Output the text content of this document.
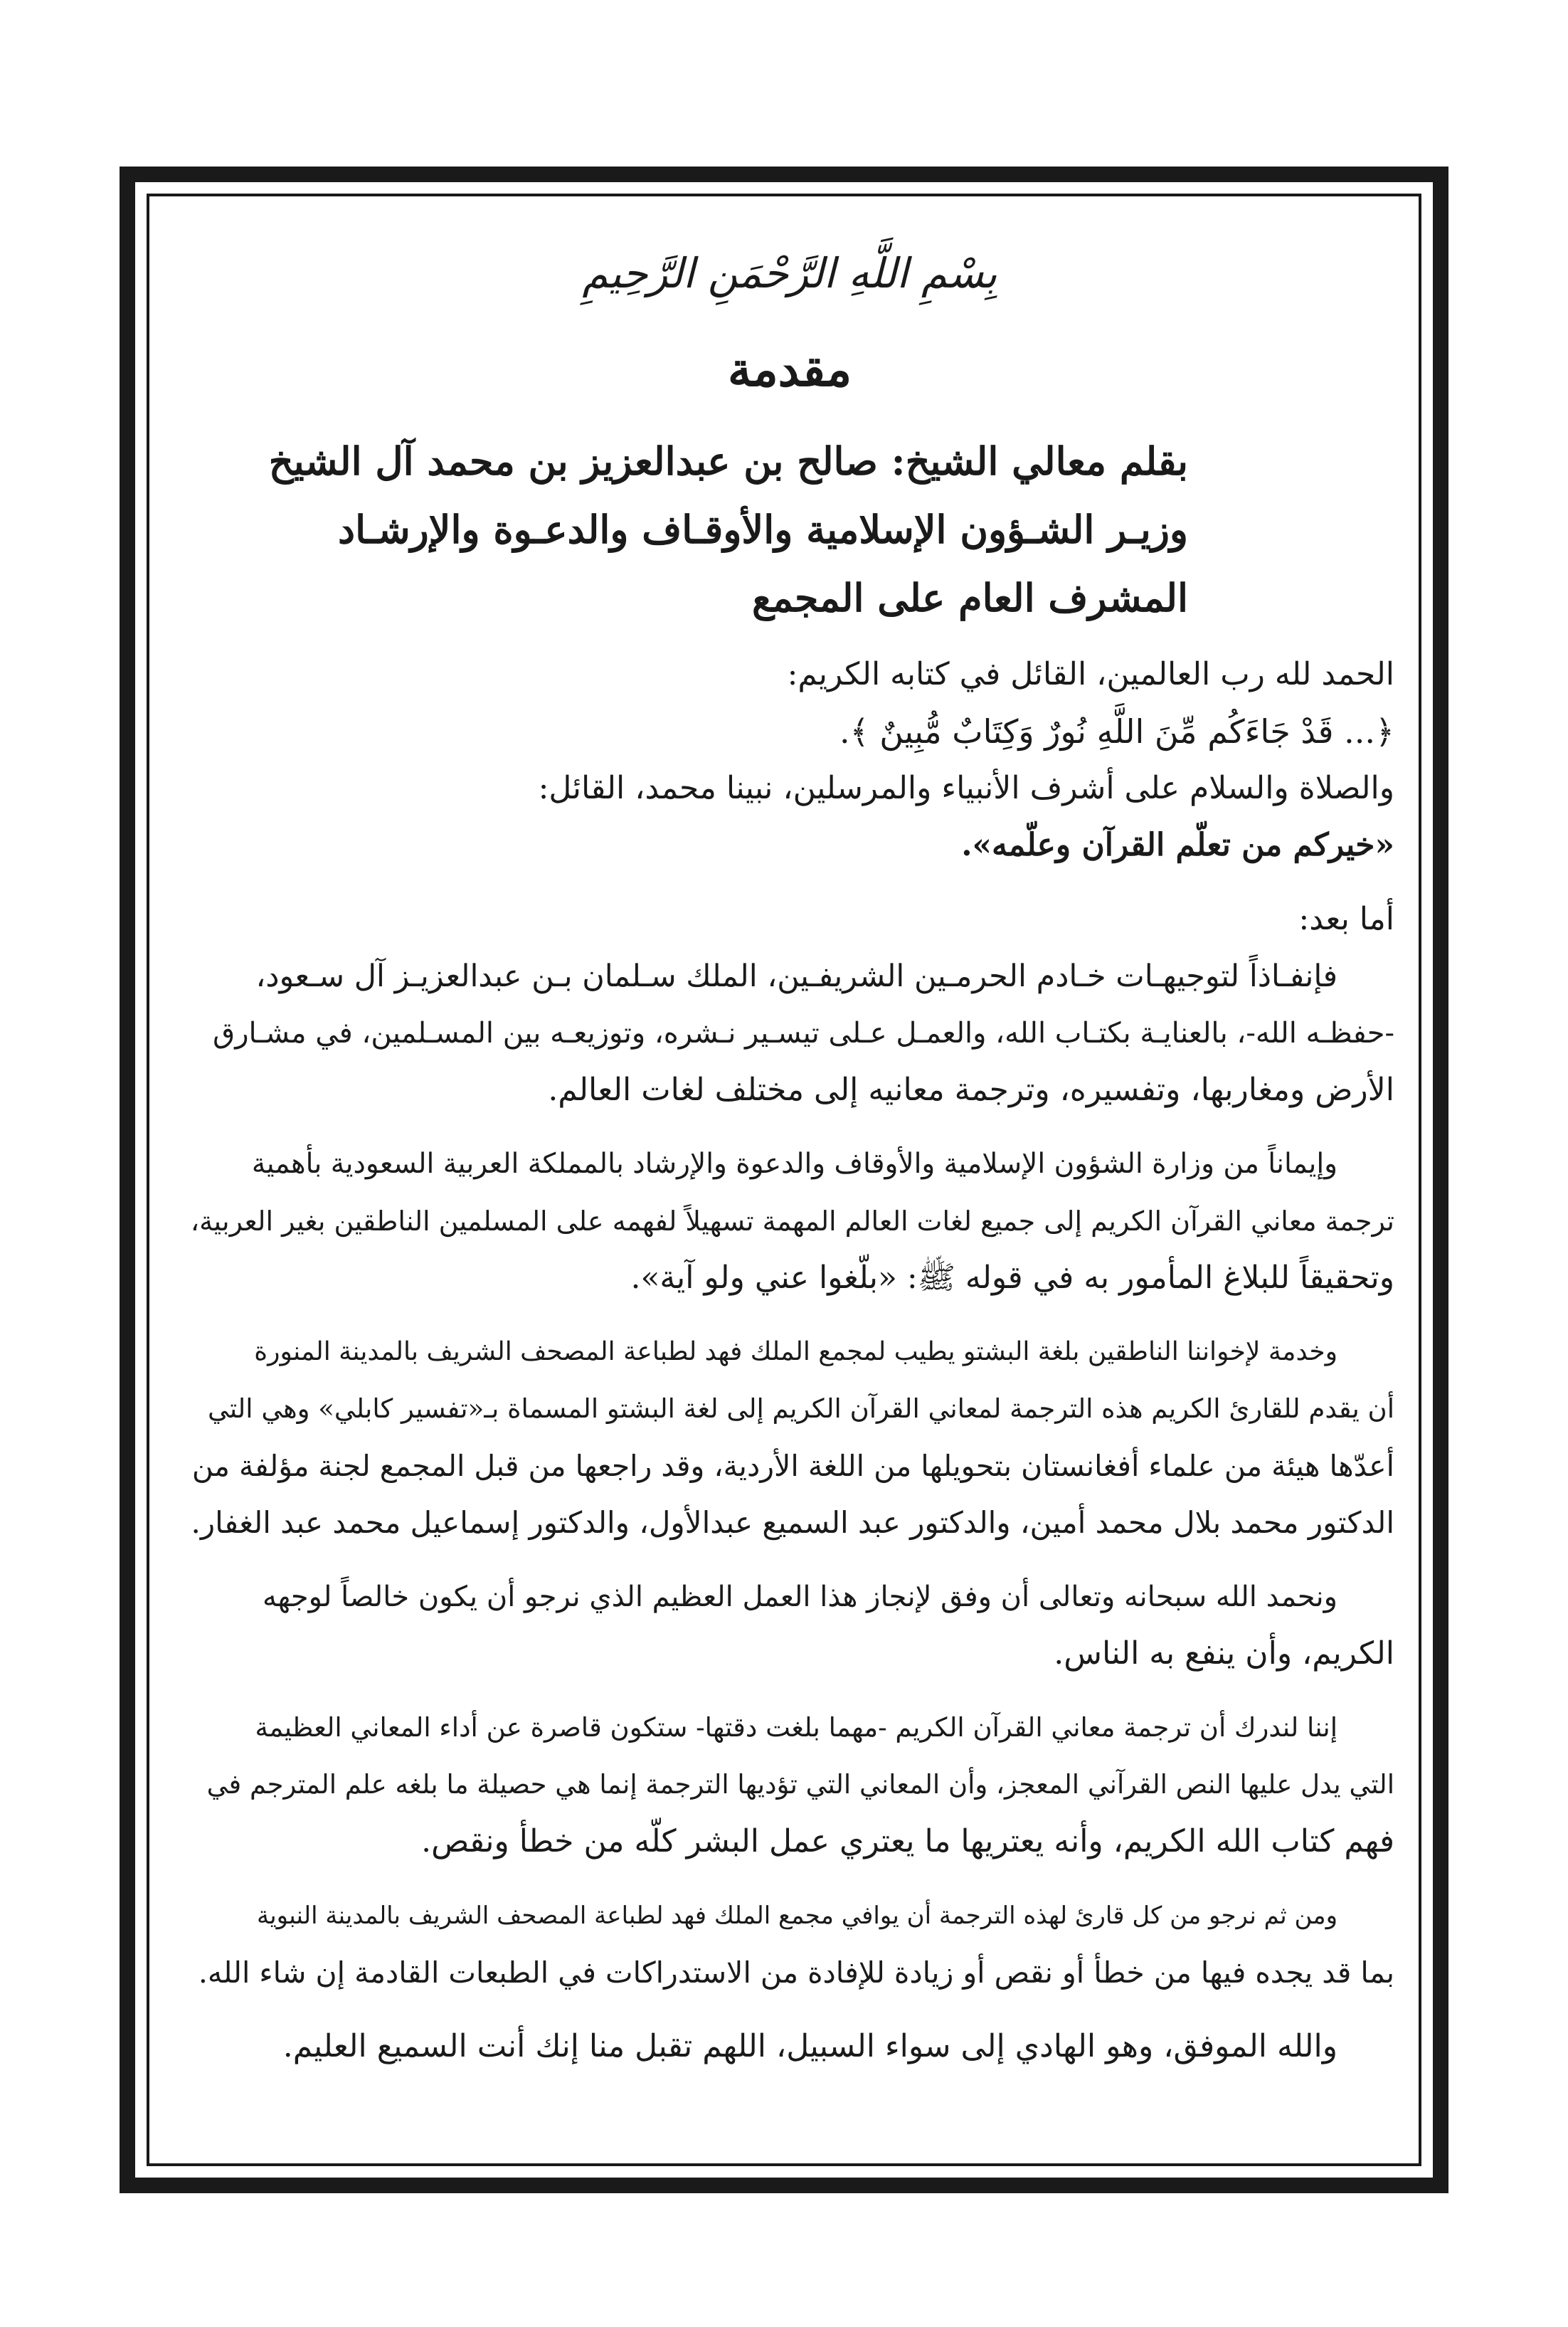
بِسْمِ اللَّهِ الرَّحْمَنِ الرَّحِيمِ
مقدمة
بقلم معالي الشيخ: صالح بن عبدالعزيز بن محمد آل الشيخ
وزيـر الشـؤون الإسلامية والأوقـاف والدعـوة والإرشـاد
المشرف العام على المجمع
الحمد لله رب العالمين، القائل في كتابه الكريم:
﴿... قَدْ جَاءَكُم مِّنَ اللَّهِ نُورٌ وَكِتَابٌ مُّبِينٌ ﴾.
والصلاة والسلام على أشرف الأنبياء والمرسلين، نبينا محمد، القائل:
«خيركم من تعلّم القرآن وعلّمه».
أما بعد:
فإنفـاذاً لتوجيهـات خـادم الحرمـين الشريفـين، الملك سـلمان بـن عبدالعزيـز آل سـعود،
-حفظـه الله-، بالعنايـة بكتـاب الله، والعمـل عـلى تيسـير نـشره، وتوزيعـه بين المسـلمين، في مشـارق
الأرض ومغاربها، وتفسيره، وترجمة معانيه إلى مختلف لغات العالم.
وإيماناً من وزارة الشؤون الإسلامية والأوقاف والدعوة والإرشاد بالمملكة العربية السعودية بأهمية
ترجمة معاني القرآن الكريم إلى جميع لغات العالم المهمة تسهيلاً لفهمه على المسلمين الناطقين بغير العربية،
وتحقيقاً للبلاغ المأمور به في قوله ﷺ: «بلّغوا عني ولو آية».
وخدمة لإخواننا الناطقين بلغة البشتو يطيب لمجمع الملك فهد لطباعة المصحف الشريف بالمدينة المنورة
أن يقدم للقارئ الكريم هذه الترجمة لمعاني القرآن الكريم إلى لغة البشتو المسماة بـ«تفسير كابلي» وهي التي
أعدّها هيئة من علماء أفغانستان بتحويلها من اللغة الأردية، وقد راجعها من قبل المجمع لجنة مؤلفة من
الدكتور محمد بلال محمد أمين، والدكتور عبد السميع عبدالأول، والدكتور إسماعيل محمد عبد الغفار.
ونحمد الله سبحانه وتعالى أن وفق لإنجاز هذا العمل العظيم الذي نرجو أن يكون خالصاً لوجهه
الكريم، وأن ينفع به الناس.
إننا لندرك أن ترجمة معاني القرآن الكريم -مهما بلغت دقتها- ستكون قاصرة عن أداء المعاني العظيمة
التي يدل عليها النص القرآني المعجز، وأن المعاني التي تؤديها الترجمة إنما هي حصيلة ما بلغه علم المترجم في
فهم كتاب الله الكريم، وأنه يعتريها ما يعتري عمل البشر كلّه من خطأ ونقص.
ومن ثم نرجو من كل قارئ لهذه الترجمة أن يوافي مجمع الملك فهد لطباعة المصحف الشريف بالمدينة النبوية
بما قد يجده فيها من خطأ أو نقص أو زيادة للإفادة من الاستدراكات في الطبعات القادمة إن شاء الله.
والله الموفق، وهو الهادي إلى سواء السبيل، اللهم تقبل منا إنك أنت السميع العليم.
